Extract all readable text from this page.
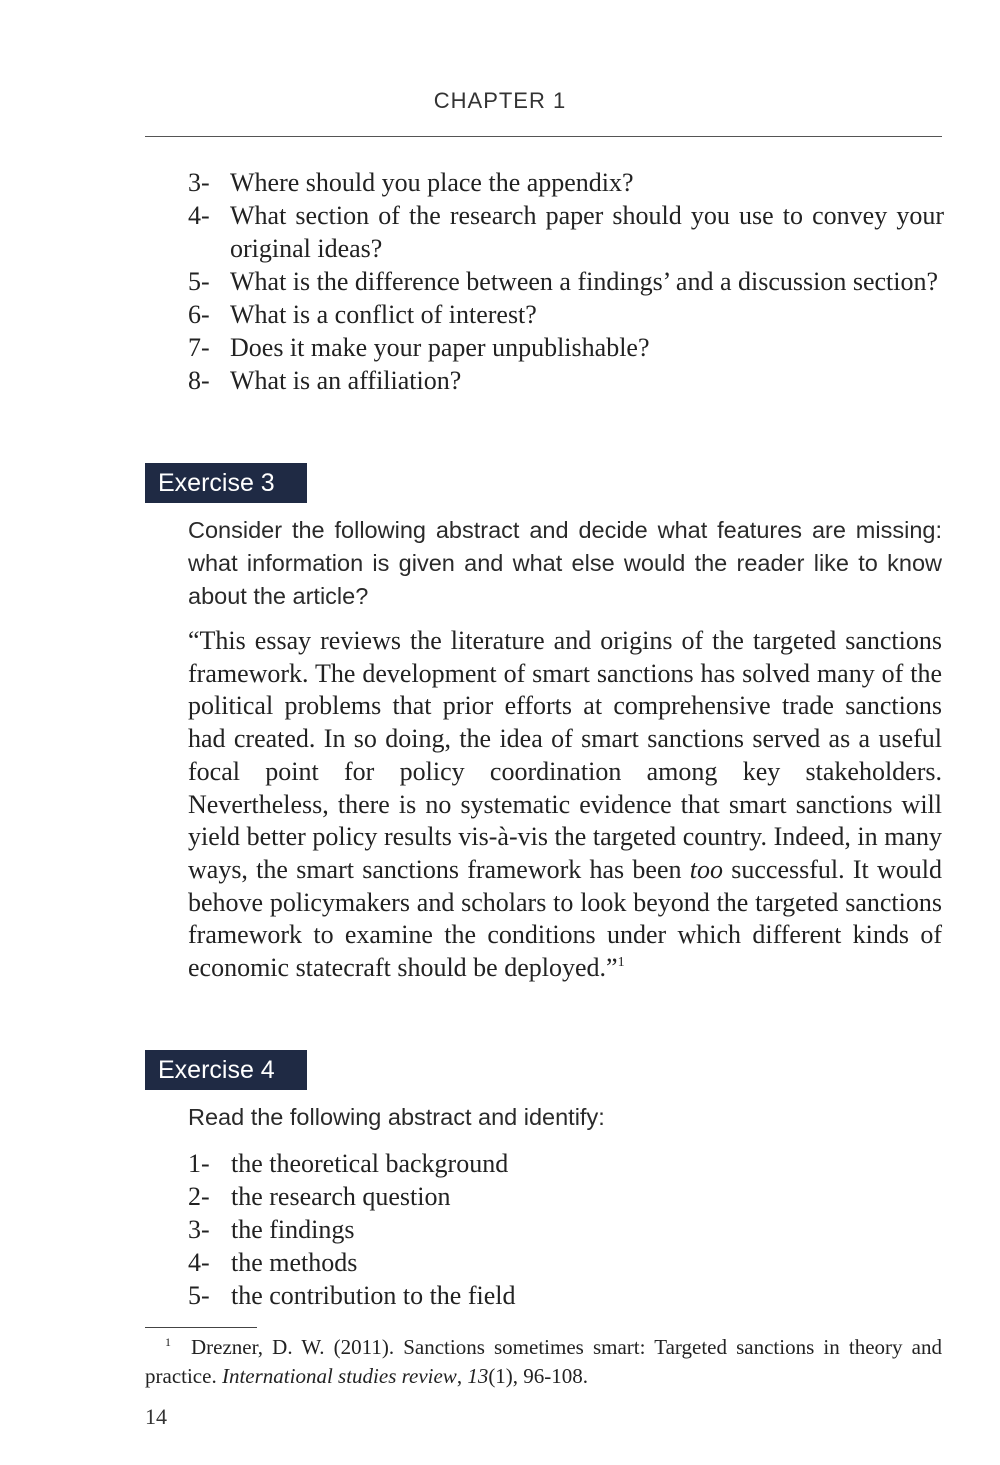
CHAPTER 1
3- Where should you place the appendix?
4- What section of the research paper should you use to convey your original ideas?
5- What is the difference between a findings’ and a discussion section?
6- What is a conflict of interest?
7- Does it make your paper unpublishable?
8- What is an affiliation?
Exercise 3

Consider the following abstract and decide what features are missing: what information is given and what else would the reader like to know about the article?

“This essay reviews the literature and origins of the targeted sanctions framework. The development of smart sanctions has solved many of the political problems that prior efforts at comprehensive trade sanctions had created. In so doing, the idea of smart sanctions served as a useful focal point for policy coordination among key stakeholders. Nevertheless, there is no systematic evidence that smart sanctions will yield better policy results vis-à-vis the targeted country. Indeed, in many ways, the smart sanctions framework has been too successful. It would behove policymakers and scholars to look beyond the targeted sanctions framework to examine the conditions under which different kinds of economic statecraft should be deployed.”$^1$

Exercise 4

Read the following abstract and identify:

1- the theoretical background
2- the research question
3- the findings
4- the methods
5- the contribution to the field

$^1$ Drezner, D. W. (2011). Sanctions sometimes smart: Targeted sanctions in theory and practice. International studies review, 13(1), 96-108.

14
